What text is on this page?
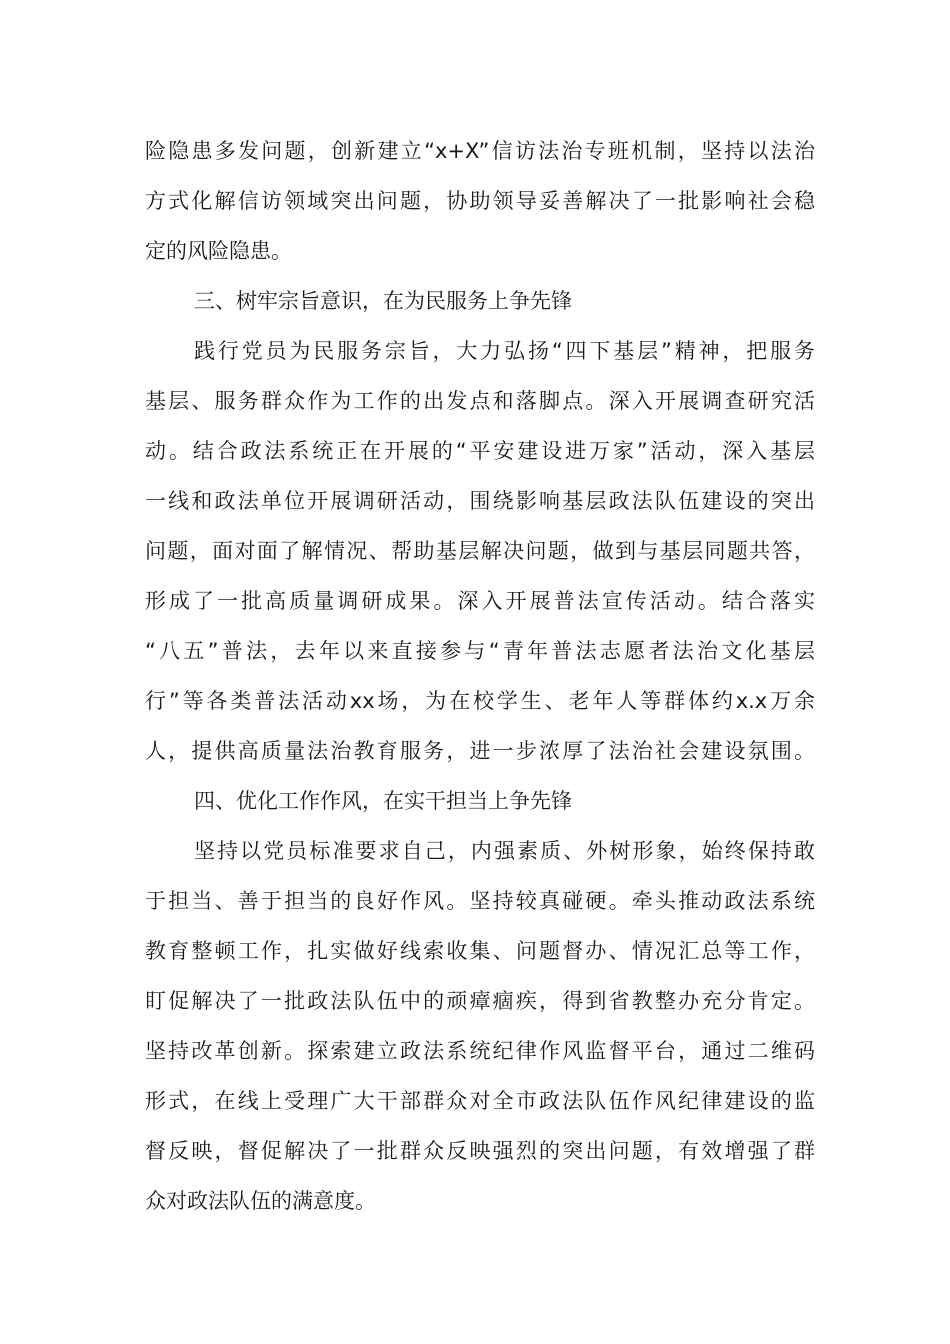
险隐患多发问题，创新建立“x+X”信访法治专班机制，坚持以法治
方式化解信访领域突出问题，协助领导妥善解决了一批影响社会稳
定的风险隐患。
三、树牢宗旨意识，在为民服务上争先锋
践行党员为民服务宗旨，大力弘扬“四下基层”精神，把服务
基层、服务群众作为工作的出发点和落脚点。深入开展调查研究活
动。结合政法系统正在开展的“平安建设进万家”活动，深入基层
一线和政法单位开展调研活动，围绕影响基层政法队伍建设的突出
问题，面对面了解情况、帮助基层解决问题，做到与基层同题共答，
形成了一批高质量调研成果。深入开展普法宣传活动。结合落实
“八五”普法，去年以来直接参与“青年普法志愿者法治文化基层
行”等各类普法活动xx场，为在校学生、老年人等群体约x.x万余
人，提供高质量法治教育服务，进一步浓厚了法治社会建设氛围。
四、优化工作作风，在实干担当上争先锋
坚持以党员标准要求自己，内强素质、外树形象，始终保持敢
于担当、善于担当的良好作风。坚持较真碰硬。牵头推动政法系统
教育整顿工作，扎实做好线索收集、问题督办、情况汇总等工作，
盯促解决了一批政法队伍中的顽瘴痼疾，得到省教整办充分肯定。
坚持改革创新。探索建立政法系统纪律作风监督平台，通过二维码
形式，在线上受理广大干部群众对全市政法队伍作风纪律建设的监
督反映，督促解决了一批群众反映强烈的突出问题，有效增强了群
众对政法队伍的满意度。
